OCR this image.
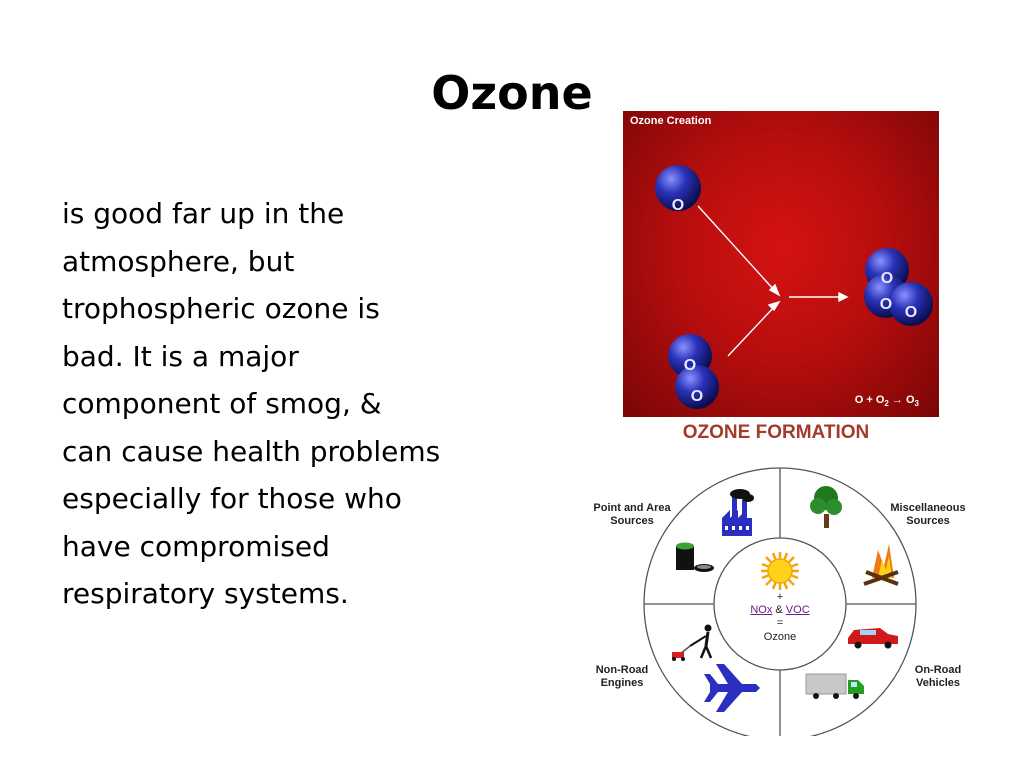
Ozone
is good far up in the
atmosphere, but
trophospheric ozone is
bad. It is a major
component of smog, &
can cause health problems
especially for those who
have compromised
respiratory systems.
Ozone Creation
O
O
O
O
O O
$O + O_2 \to O_3$
OZONE FORMATION
Point and Area
Sources
Miscellaneous
Sources
Non-Road
Engines
On-Road
Vehicles
+
NOx & VOC
=
Ozone
